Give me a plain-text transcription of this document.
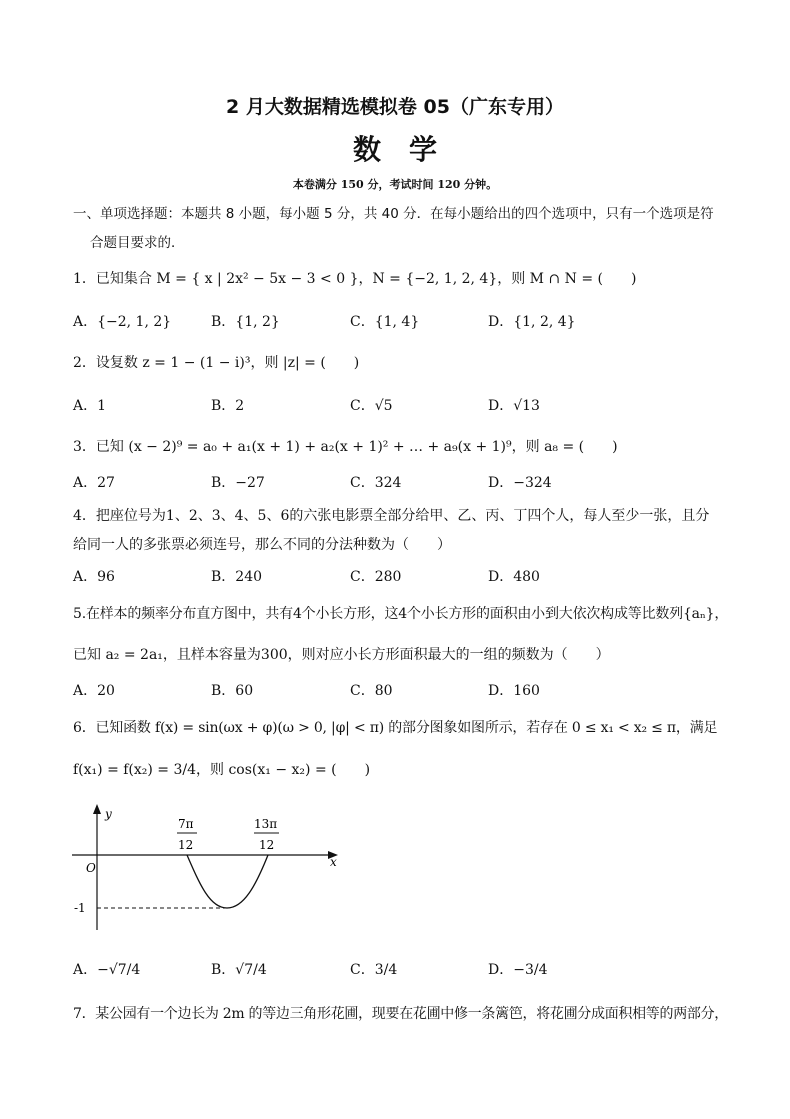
2 月大数据精选模拟卷 05（广东专用）
数学
本卷满分 150 分，考试时间 120 分钟。
一、单项选择题：本题共 8 小题，每小题 5 分，共 40 分．在每小题给出的四个选项中，只有一个选项是符
合题目要求的．
1．已知集合 M = { x | 2x² − 5x − 3 < 0 }，N = {−2, 1, 2, 4}，则 M ∩ N = (　　)
A．{−2, 1, 2}	B．{1, 2}	C．{1, 4}	D．{1, 2, 4}
2．设复数 z = 1 − (1 − i)³，则 |z| = (　　)
A．1	B．2	C．√5	D．√13
3．已知 (x − 2)⁹ = a₀ + a₁(x + 1) + a₂(x + 1)² + … + a₉(x + 1)⁹，则 a₈ = (　　)
A．27	B．−27	C．324	D．−324
4．把座位号为1、2、3、4、5、6的六张电影票全部分给甲、乙、丙、丁四个人，每人至少一张，且分
给同一人的多张票必须连号，那么不同的分法种数为（　　）
A．96	B．240	C．280	D．480
5.在样本的频率分布直方图中，共有4个小长方形，这4个小长方形的面积由小到大依次构成等比数列{aₙ}，
已知 a₂ = 2a₁，且样本容量为300，则对应小长方形面积最大的一组的频数为（　　）
A．20	B．60	C．80	D．160
6．已知函数 f(x) = sin(ωx + φ)(ω > 0, |φ| < π) 的部分图象如图所示，若存在 0 ≤ x₁ < x₂ ≤ π，满足
f(x₁) = f(x₂) = 3/4，则 cos(x₁ − x₂) = (　　)
y
x
O
-1
7π
12
13π
12
A．−√7/4	B．√7/4	C．3/4	D．−3/4
7．某公园有一个边长为 2m 的等边三角形花圃，现要在花圃中修一条篱笆，将花圃分成面积相等的两部分，
